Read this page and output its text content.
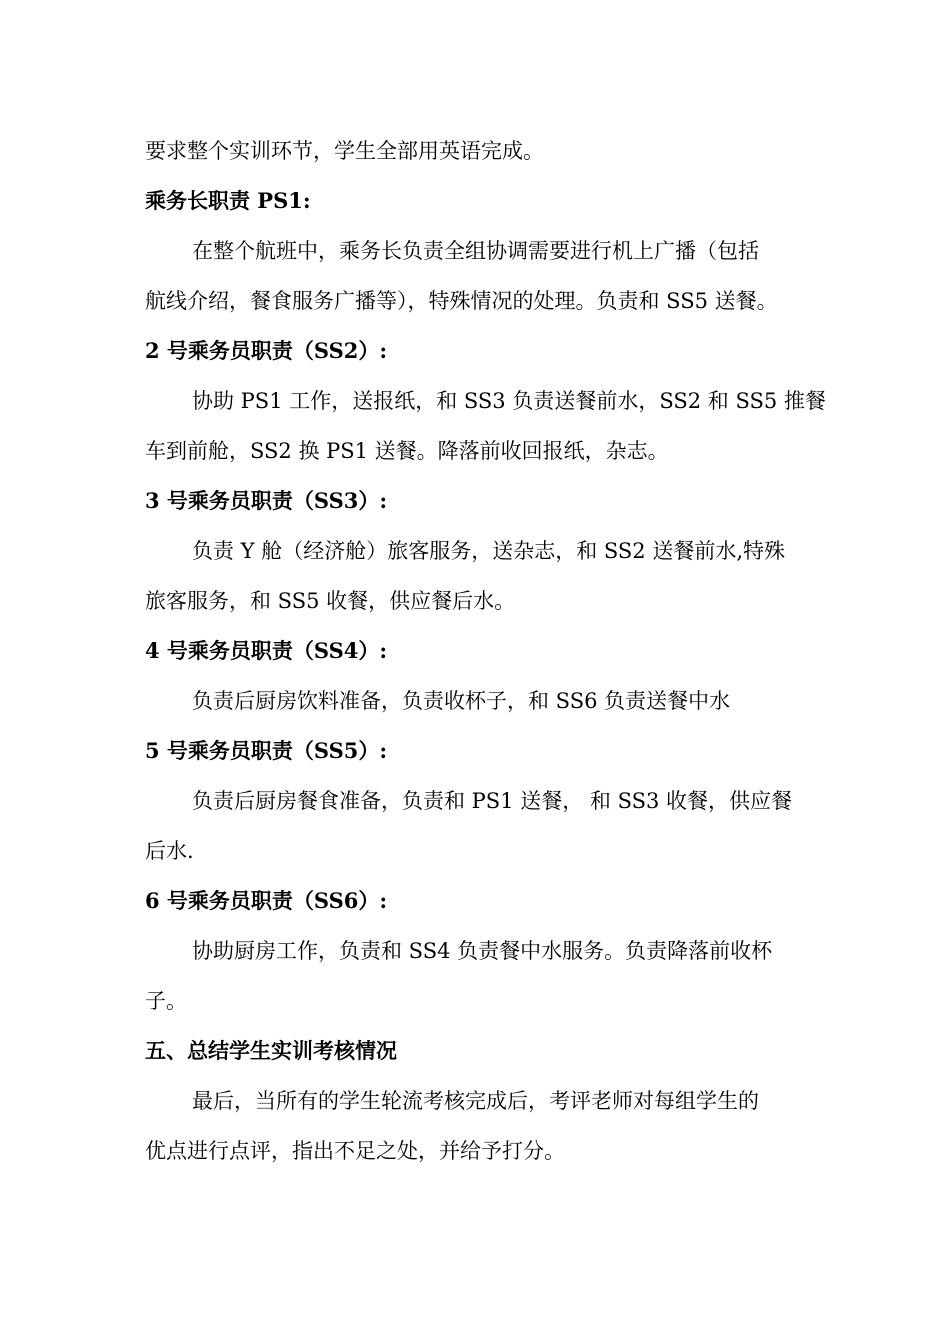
要求整个实训环节，学生全部用英语完成。
乘务长职责 PS1:
在整个航班中，乘务长负责全组协调需要进行机上广播（包括
航线介绍，餐食服务广播等），特殊情况的处理。负责和 SS5 送餐。
2 号乘务员职责（SS2）:
协助 PS1 工作，送报纸，和 SS3 负责送餐前水，SS2 和 SS5 推餐
车到前舱，SS2 换 PS1 送餐。降落前收回报纸，杂志。
3 号乘务员职责（SS3）:
负责 Y 舱（经济舱）旅客服务，送杂志，和 SS2 送餐前水,特殊
旅客服务，和 SS5 收餐，供应餐后水。
4 号乘务员职责（SS4）:
负责后厨房饮料准备，负责收杯子，和 SS6 负责送餐中水
5 号乘务员职责（SS5）:
负责后厨房餐食准备，负责和 PS1 送餐， 和 SS3 收餐，供应餐
后水.
6 号乘务员职责（SS6）:
协助厨房工作，负责和 SS4 负责餐中水服务。负责降落前收杯
子。
五、总结学生实训考核情况
最后，当所有的学生轮流考核完成后，考评老师对每组学生的
优点进行点评，指出不足之处，并给予打分。
